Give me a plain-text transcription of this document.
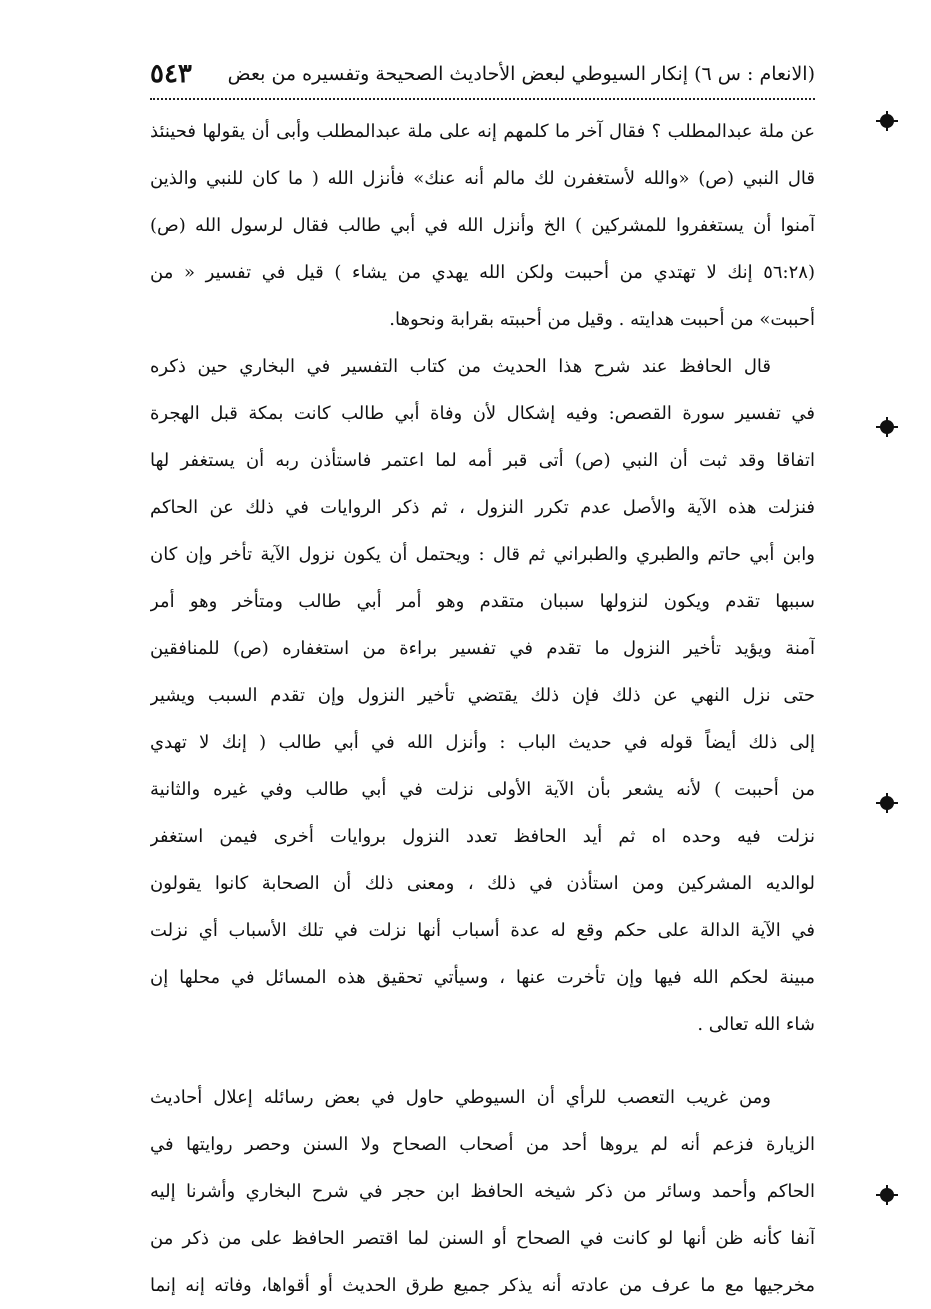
(الانعام : س ٦) إنكار السيوطي لبعض الأحاديث الصحيحة وتفسيره من بعض
٥٤٣
عن ملة عبدالمطلب ؟ فقال آخر ما كلمهم إنه على ملة عبدالمطلب وأبى أن يقولها فحينئذ
قال النبي (ص) «والله لأستغفرن لك مالم أنه عنك» فأنزل الله ( ما كان للنبي والذين
آمنوا أن يستغفروا للمشركين ) الخ وأنزل الله في أبي طالب فقال لرسول الله (ص)
(٥٦:٢٨ إنك لا تهتدي من أحببت ولكن الله يهدي من يشاء ) قيل في تفسير « من
أحببت» من أحببت هدايته . وقيل من أحببته بقرابة ونحوها.
قال الحافظ عند شرح هذا الحديث من كتاب التفسير في البخاري حين ذكره
في تفسير سورة القصص: وفيه إشكال لأن وفاة أبي طالب كانت بمكة قبل الهجرة
اتفاقا وقد ثبت أن النبي (ص) أتى قبر أمه لما اعتمر فاستأذن ربه أن يستغفر لها
فنزلت هذه الآية والأصل عدم تكرر النزول ، ثم ذكر الروايات في ذلك عن الحاكم
وابن أبي حاتم والطبري والطبراني ثم قال : ويحتمل أن يكون نزول الآية تأخر وإن كان
سببها تقدم ويكون لنزولها سببان متقدم وهو أمر أبي طالب ومتأخر وهو أمر
آمنة ويؤيد تأخير النزول ما تقدم في تفسير براءة من استغفاره (ص) للمنافقين
حتى نزل النهي عن ذلك فإن ذلك يقتضي تأخير النزول وإن تقدم السبب ويشير
إلى ذلك أيضاً قوله في حديث الباب : وأنزل الله في أبي طالب ( إنك لا تهدي
من أحببت ) لأنه يشعر بأن الآية الأولى نزلت في أبي طالب وفي غيره والثانية
نزلت فيه وحده اه ثم أيد الحافظ تعدد النزول بروايات أخرى فيمن استغفر
لوالديه المشركين ومن استأذن في ذلك ، ومعنى ذلك أن الصحابة كانوا يقولون
في الآية الدالة على حكم وقع له عدة أسباب أنها نزلت في تلك الأسباب أي نزلت
مبينة لحكم الله فيها وإن تأخرت عنها ، وسيأتي تحقيق هذه المسائل في محلها إن
شاء الله تعالى .
ومن غريب التعصب للرأي أن السيوطي حاول في بعض رسائله إعلال أحاديث
الزيارة فزعم أنه لم يروها أحد من أصحاب الصحاح ولا السنن وحصر روايتها في
الحاكم وأحمد وسائر من ذكر شيخه الحافظ ابن حجر في شرح البخاري وأشرنا إليه
آنفا كأنه ظن أنها لو كانت في الصحاح أو السنن لما اقتصر الحافظ على من ذكر من
مخرجيها مع ما عرف من عادته أنه يذكر جميع طرق الحديث أو أقواها، وفاته إنه إنما
